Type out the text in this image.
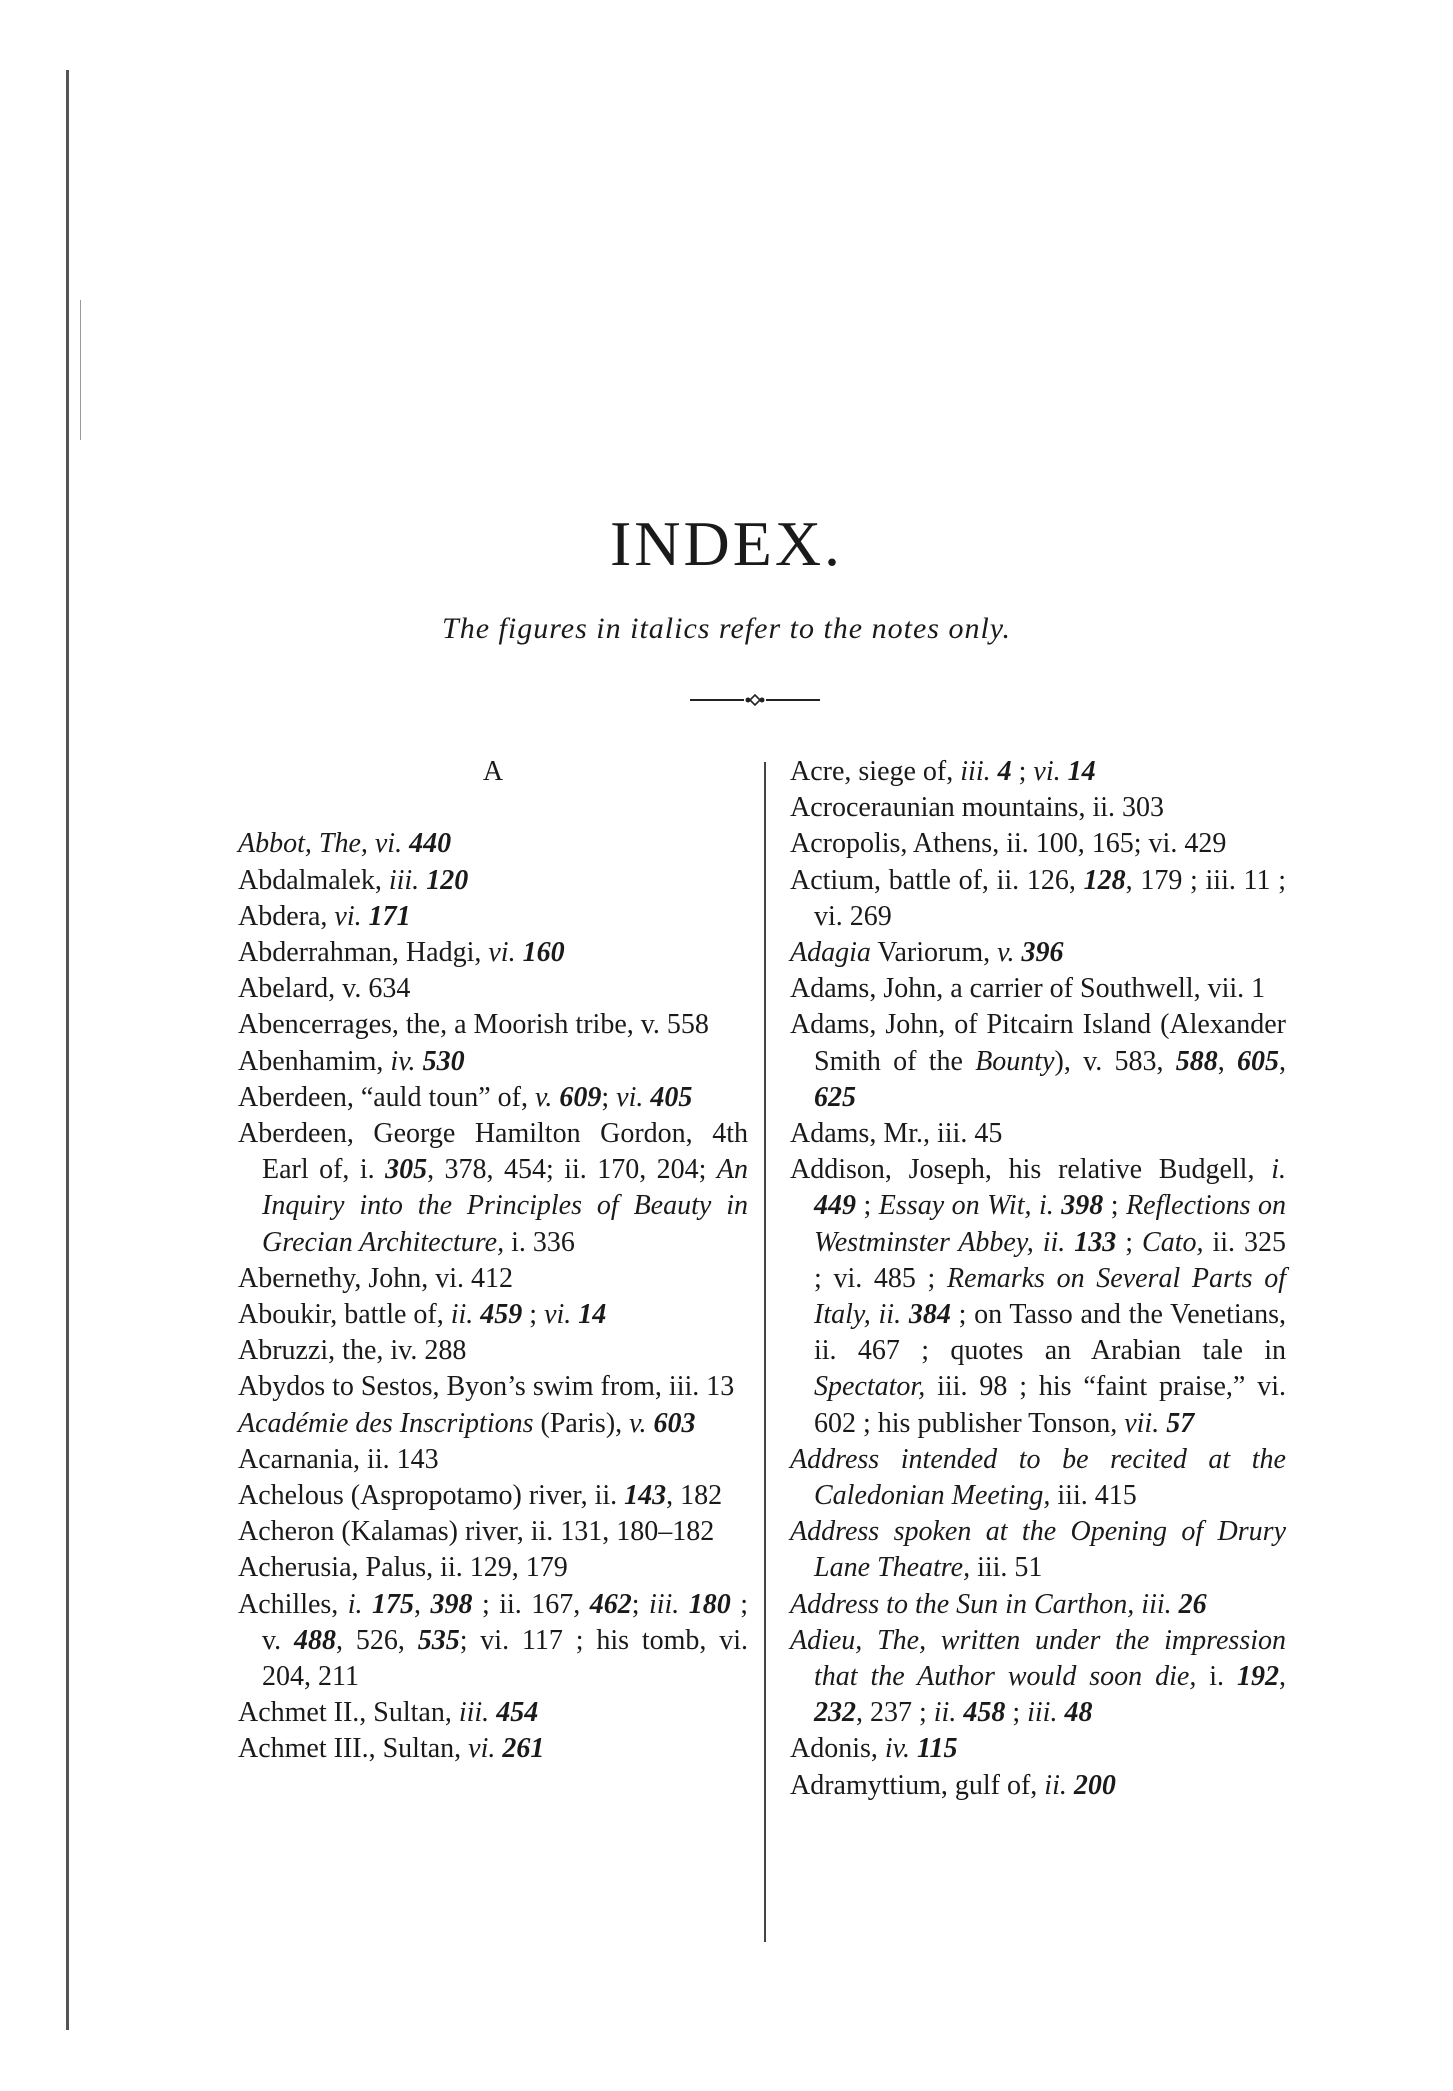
INDEX.
The figures in italics refer to the notes only.
A

Abbot, The, vi. 440

Abdalmalek, iii. 120

Abdera, vi. 171

Abderrahman, Hadgi, vi. 160

Abelard, v. 634

Abencerrages, the, a Moorish tribe, v. 558

Abenhamim, iv. 530

Aberdeen, “auld toun” of, v. 609; vi. 405

Aberdeen, George Hamilton Gordon, 4th Earl of, i. 305, 378, 454; ii. 170, 204; An Inquiry into the Principles of Beauty in Grecian Architecture, i. 336

Abernethy, John, vi. 412

Aboukir, battle of, ii. 459 ; vi. 14

Abruzzi, the, iv. 288

Abydos to Sestos, Byon’s swim from, iii. 13

Académie des Inscriptions (Paris), v. 603

Acarnania, ii. 143

Achelous (Aspropotamo) river, ii. 143, 182

Acheron (Kalamas) river, ii. 131, 180–182

Acherusia, Palus, ii. 129, 179

Achilles, i. 175, 398 ; ii. 167, 462; iii. 180 ; v. 488, 526, 535; vi. 117 ; his tomb, vi. 204, 211

Achmet II., Sultan, iii. 454

Achmet III., Sultan, vi. 261

Acre, siege of, iii. 4 ; vi. 14

Acroceraunian mountains, ii. 303

Acropolis, Athens, ii. 100, 165; vi. 429

Actium, battle of, ii. 126, 128, 179 ; iii. 11 ; vi. 269

Adagia Variorum, v. 396

Adams, John, a carrier of Southwell, vii. 1

Adams, John, of Pitcairn Island (Alexander Smith of the Bounty), v. 583, 588, 605, 625

Adams, Mr., iii. 45

Addison, Joseph, his relative Budgell, i. 449 ; Essay on Wit, i. 398 ; Reflections on Westminster Abbey, ii. 133 ; Cato, ii. 325 ; vi. 485 ; Remarks on Several Parts of Italy, ii. 384 ; on Tasso and the Venetians, ii. 467 ; quotes an Arabian tale in Spectator, iii. 98 ; his “faint praise,” vi. 602 ; his publisher Tonson, vii. 57

Address intended to be recited at the Caledonian Meeting, iii. 415

Address spoken at the Opening of Drury Lane Theatre, iii. 51

Address to the Sun in Carthon, iii. 26

Adieu, The, written under the impression that the Author would soon die, i. 192, 232, 237 ; ii. 458 ; iii. 48

Adonis, iv. 115

Adramyttium, gulf of, ii. 200
